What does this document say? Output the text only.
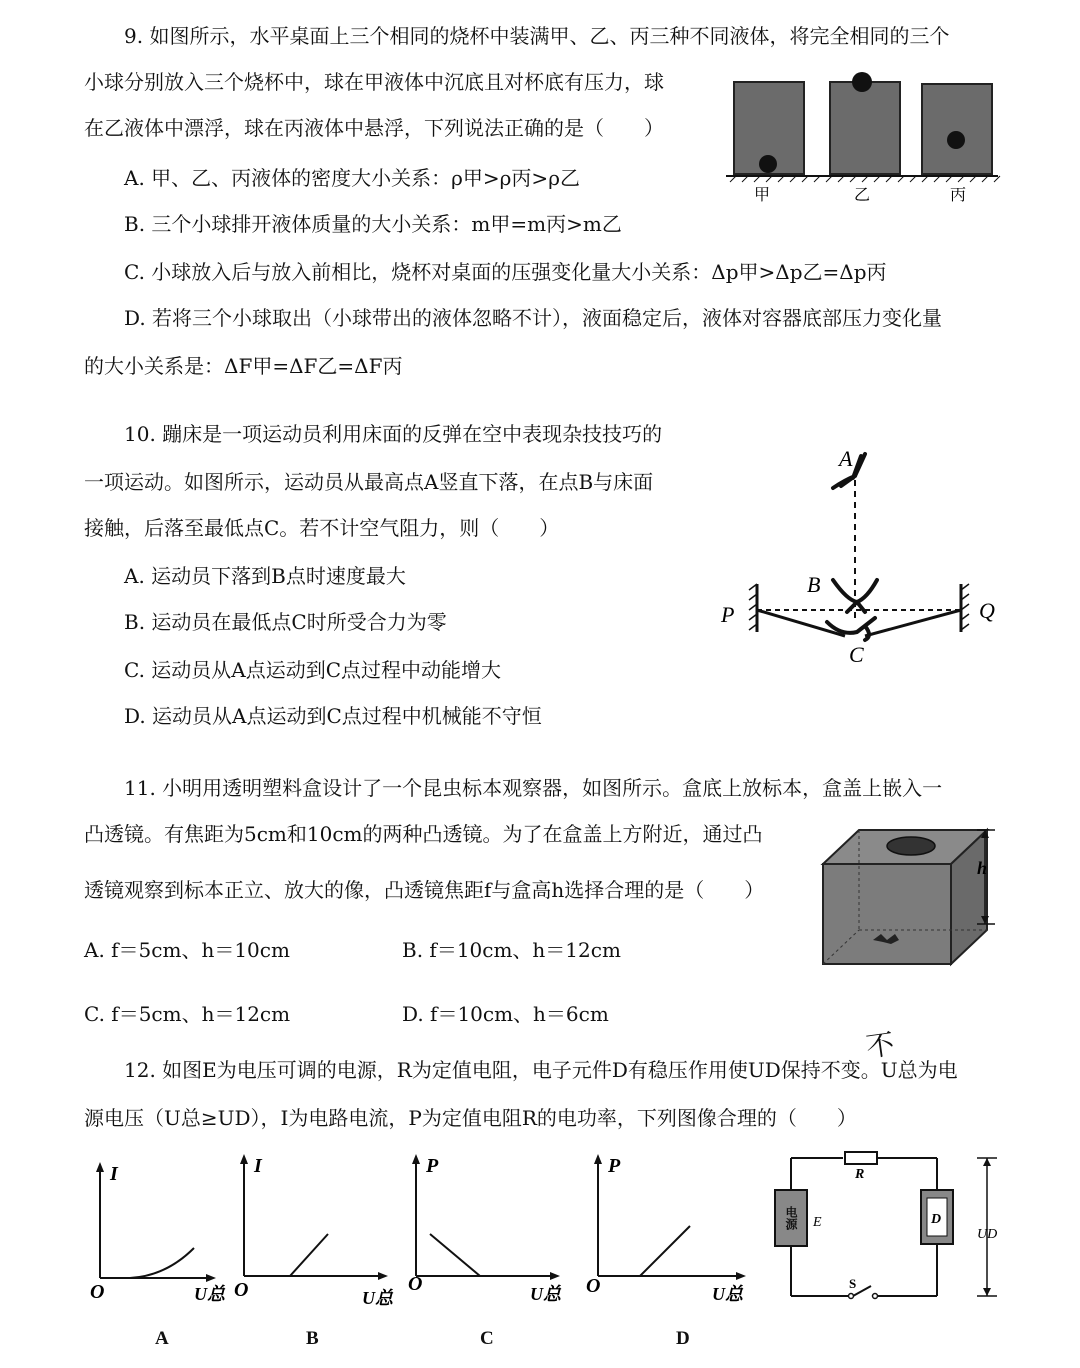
9. 如图所示，水平桌面上三个相同的烧杯中装满甲、乙、丙三种不同液体，将完全相同的三个
小球分别放入三个烧杯中，球在甲液体中沉底且对杯底有压力，球
在乙液体中漂浮，球在丙液体中悬浮，下列说法正确的是（　　）
A. 甲、乙、丙液体的密度大小关系：ρ甲>ρ丙>ρ乙
B. 三个小球排开液体质量的大小关系：m甲=m丙>m乙
C. 小球放入后与放入前相比，烧杯对桌面的压强变化量大小关系：Δp甲>Δp乙=Δp丙
D. 若将三个小球取出（小球带出的液体忽略不计），液面稳定后，液体对容器底部压力变化量
的大小关系是：ΔF甲=ΔF乙=ΔF丙
甲	乙	丙
10. 蹦床是一项运动员利用床面的反弹在空中表现杂技技巧的
一项运动。如图所示，运动员从最高点A竖直下落，在点B与床面
接触，后落至最低点C。若不计空气阻力，则（　　）
A. 运动员下落到B点时速度最大
B. 运动员在最低点C时所受合力为零
C. 运动员从A点运动到C点过程中动能增大
D. 运动员从A点运动到C点过程中机械能不守恒
A
B
C
P	Q
11. 小明用透明塑料盒设计了一个昆虫标本观察器，如图所示。盒底上放标本，盒盖上嵌入一
凸透镜。有焦距为5cm和10cm的两种凸透镜。为了在盒盖上方附近，通过凸
透镜观察到标本正立、放大的像，凸透镜焦距f与盒高h选择合理的是（　　）
A. f＝5cm、h＝10cm	B. f＝10cm、h＝12cm
C. f＝5cm、h＝12cm	D. f＝10cm、h＝6cm
h
12. 如图E为电压可调的电源，R为定值电阻，电子元件D有稳压作用使UD保持不变。U总为电
不
源电压（U总≥UD），I为电路电流，P为定值电阻R的电功率，下列图像合理的（　　）
I
O	U总
I
O	U总
P
O	U总
P
O	U总
A	B	C	D
R
电源 E	D
S
UD
